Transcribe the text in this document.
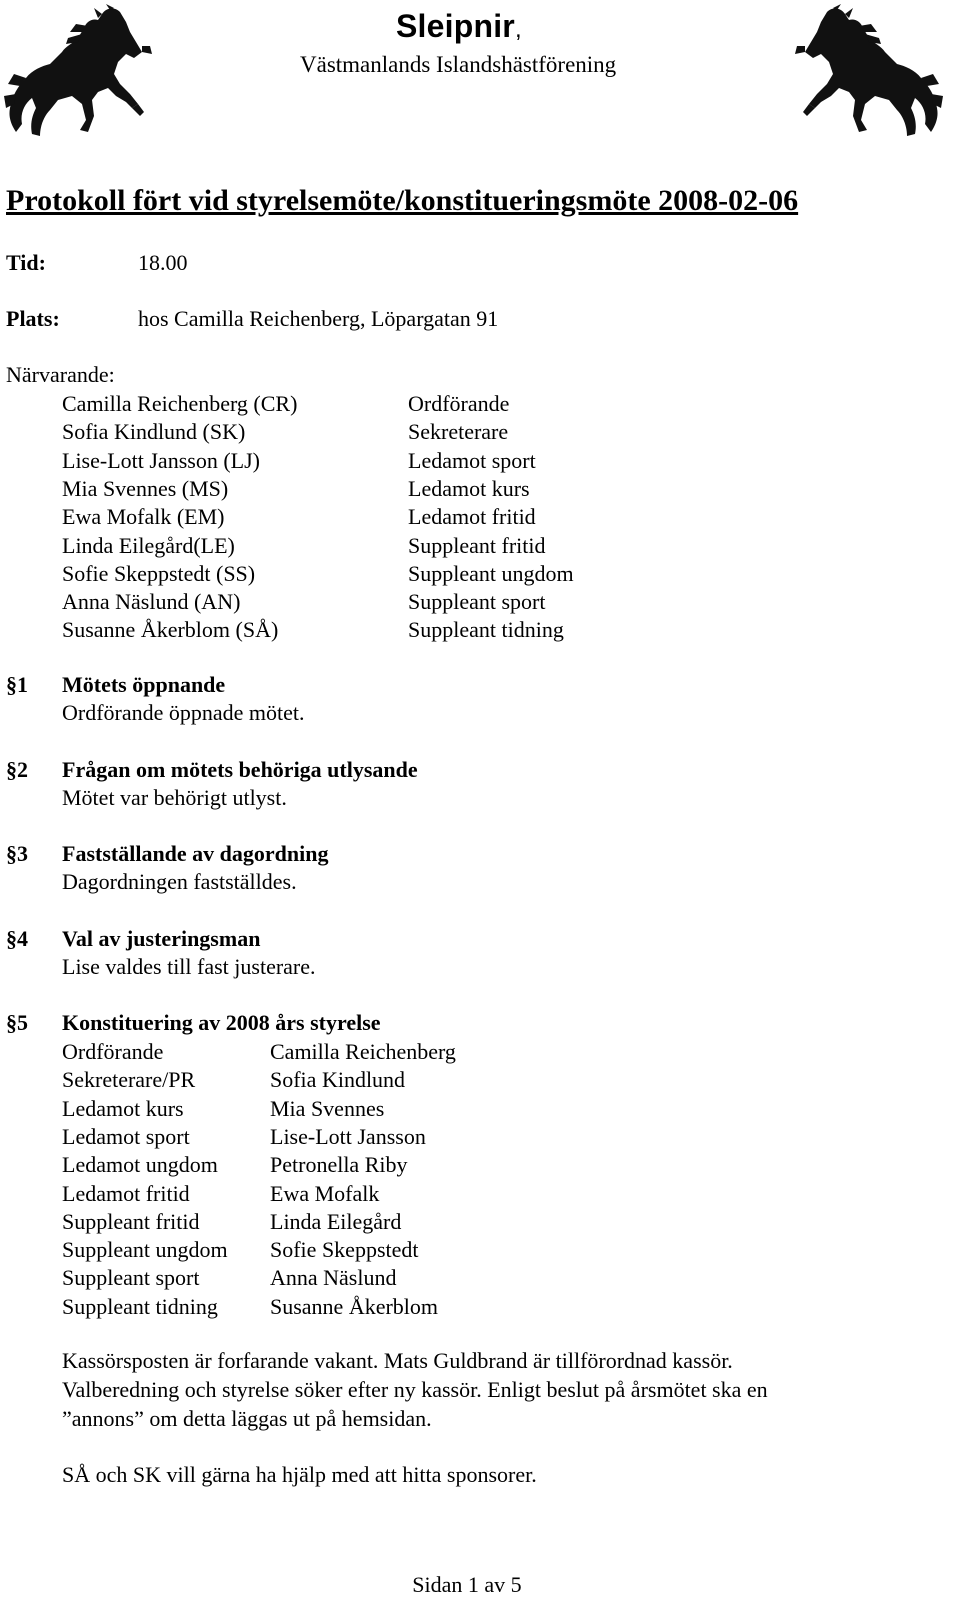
Sleipnir,
Västmanlands Islandshästförening
Protokoll fört vid styrelsemöte/konstitueringsmöte 2008-02-06
Tid:	18.00
Plats:	hos Camilla Reichenberg, Löpargatan 91
Närvarande:
Camilla Reichenberg (CR)	Ordförande
Sofia Kindlund (SK)	Sekreterare
Lise-Lott Jansson (LJ)	Ledamot sport
Mia Svennes (MS)	Ledamot kurs
Ewa Mofalk (EM)	Ledamot fritid
Linda Eilegård(LE)	Suppleant fritid
Sofie Skeppstedt (SS)	Suppleant ungdom
Anna Näslund (AN)	Suppleant sport
Susanne Åkerblom (SÅ)	Suppleant tidning
§1 Mötets öppnande
Ordförande öppnade mötet.
§2 Frågan om mötets behöriga utlysande
Mötet var behörigt utlyst.
§3 Fastställande av dagordning
Dagordningen fastställdes.
§4 Val av justeringsman
Lise valdes till fast justerare.
§5 Konstituering av 2008 års styrelse
Ordförande	Camilla Reichenberg
Sekreterare/PR	Sofia Kindlund
Ledamot kurs	Mia Svennes
Ledamot sport	Lise-Lott Jansson
Ledamot ungdom Petronella Riby
Ledamot fritid	Ewa Mofalk
Suppleant fritid	Linda Eilegård
Suppleant ungdom Sofie Skeppstedt
Suppleant sport	Anna Näslund
Suppleant tidning Susanne Åkerblom
Kassörsposten är forfarande vakant. Mats Guldbrand är tillförordnad kassör.
Valberedning och styrelse söker efter ny kassör. Enligt beslut på årsmötet ska en
”annons” om detta läggas ut på hemsidan.
SÅ och SK vill gärna ha hjälp med att hitta sponsorer.
Sidan 1 av 5
